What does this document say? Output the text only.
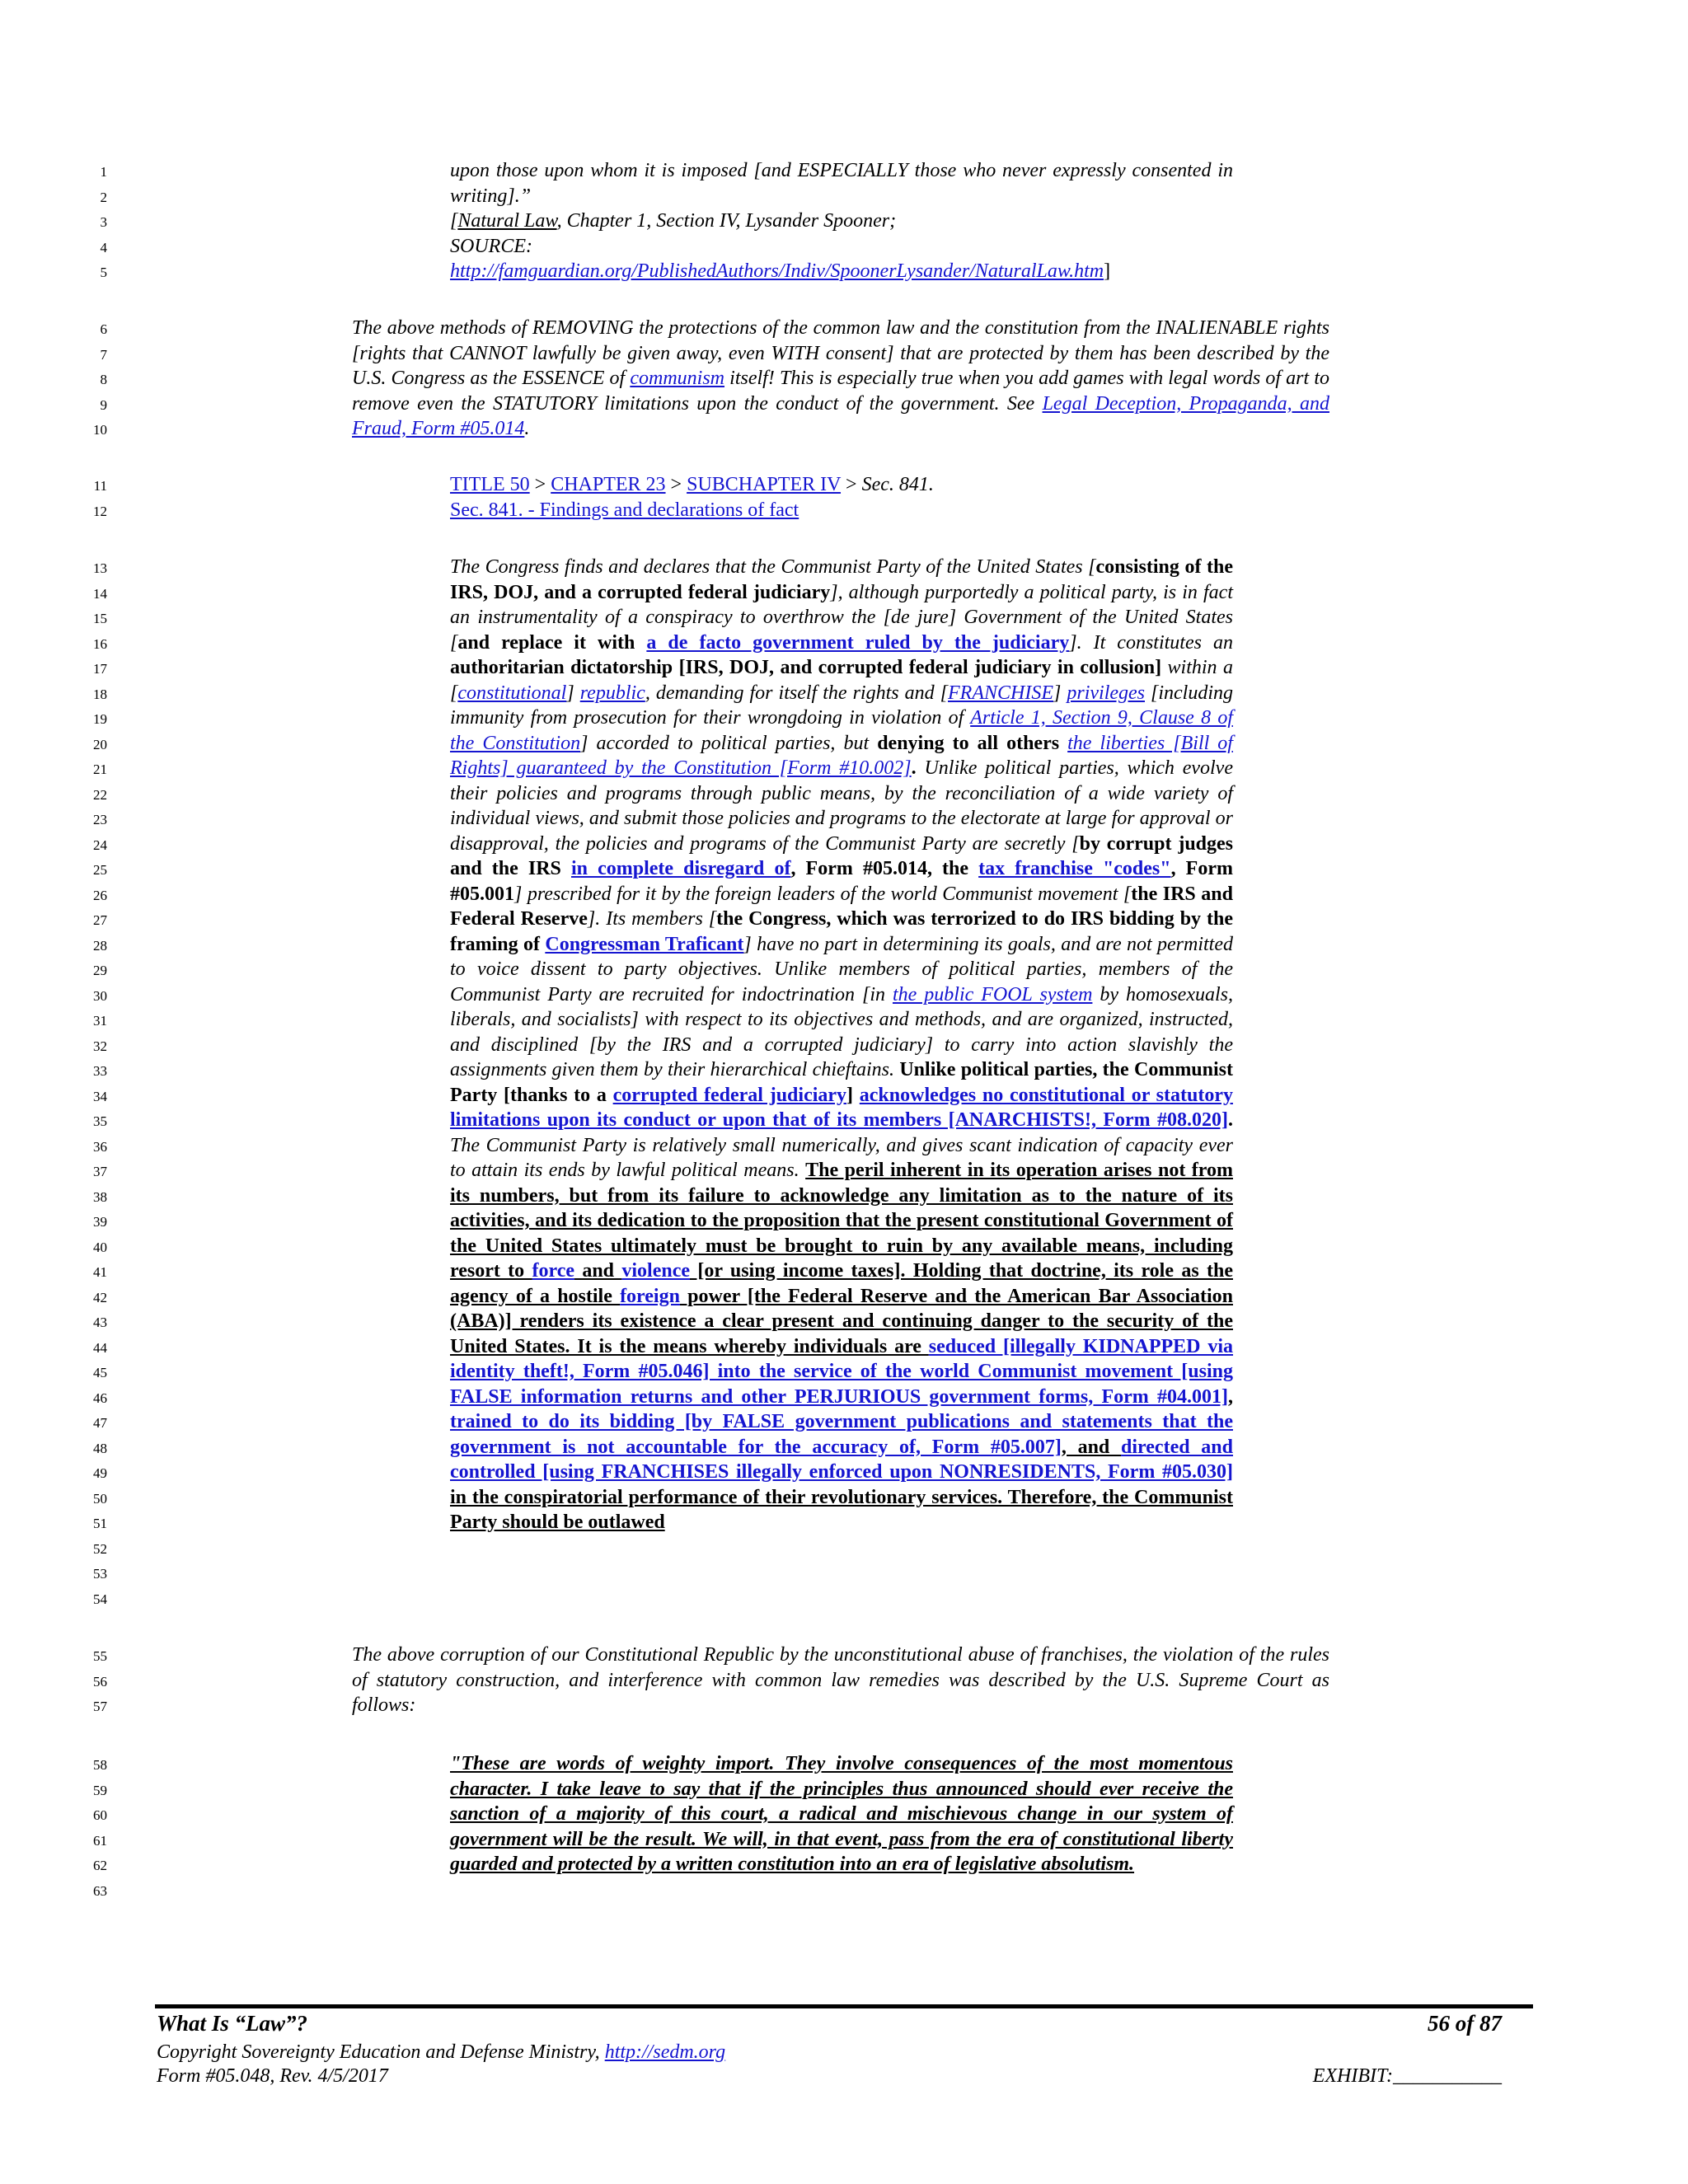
1
2
3
4
5
6
7
8
9
10
11
12
13
14
15
16
17
18
19
20
21
22
23
24
25
26
27
28
29
30
31
32
33
34
35
36
37
38
39
40
41
42
43
44
45
46
47
48
49
50
51
52
53
54
55
56
57
58
59
60
61
62
63
upon those upon whom it is imposed [and ESPECIALLY those who never expressly consented in writing].”
[Natural Law, Chapter 1, Section IV, Lysander Spooner;
SOURCE:
http://famguardian.org/PublishedAuthors/Indiv/SpoonerLysander/NaturalLaw.htm]
The above methods of REMOVING the protections of the common law and the constitution from the INALIENABLE rights [rights that CANNOT lawfully be given away, even WITH consent] that are protected by them has been described by the U.S. Congress as the ESSENCE of communism itself! This is especially true when you add games with legal words of art to remove even the STATUTORY limitations upon the conduct of the government. See Legal Deception, Propaganda, and Fraud, Form #05.014.
TITLE 50 > CHAPTER 23 > SUBCHAPTER IV > Sec. 841.
Sec. 841. - Findings and declarations of fact
The Congress finds and declares that the Communist Party of the United States [consisting of the IRS, DOJ, and a corrupted federal judiciary], although purportedly a political party, is in fact an instrumentality of a conspiracy to overthrow the [de jure] Government of the United States [and replace it with a de facto government ruled by the judiciary]. It constitutes an authoritarian dictatorship [IRS, DOJ, and corrupted federal judiciary in collusion] within a [constitutional] republic, demanding for itself the rights and [FRANCHISE] privileges [including immunity from prosecution for their wrongdoing in violation of Article 1, Section 9, Clause 8 of the Constitution] accorded to political parties, but denying to all others the liberties [Bill of Rights] guaranteed by the Constitution [Form #10.002]. Unlike political parties, which evolve their policies and programs through public means, by the reconciliation of a wide variety of individual views, and submit those policies and programs to the electorate at large for approval or disapproval, the policies and programs of the Communist Party are secretly [by corrupt judges and the IRS in complete disregard of, Form #05.014, the tax franchise "codes", Form #05.001] prescribed for it by the foreign leaders of the world Communist movement [the IRS and Federal Reserve]. Its members [the Congress, which was terrorized to do IRS bidding by the framing of Congressman Traficant] have no part in determining its goals, and are not permitted to voice dissent to party objectives. Unlike members of political parties, members of the Communist Party are recruited for indoctrination [in the public FOOL system by homosexuals, liberals, and socialists] with respect to its objectives and methods, and are organized, instructed, and disciplined [by the IRS and a corrupted judiciary] to carry into action slavishly the assignments given them by their hierarchical chieftains. Unlike political parties, the Communist Party [thanks to a corrupted federal judiciary] acknowledges no constitutional or statutory limitations upon its conduct or upon that of its members [ANARCHISTS!, Form #08.020]. The Communist Party is relatively small numerically, and gives scant indication of capacity ever to attain its ends by lawful political means. The peril inherent in its operation arises not from its numbers, but from its failure to acknowledge any limitation as to the nature of its activities, and its dedication to the proposition that the present constitutional Government of the United States ultimately must be brought to ruin by any available means, including resort to force and violence [or using income taxes]. Holding that doctrine, its role as the agency of a hostile foreign power [the Federal Reserve and the American Bar Association (ABA)] renders its existence a clear present and continuing danger to the security of the United States. It is the means whereby individuals are seduced [illegally KIDNAPPED via identity theft!, Form #05.046] into the service of the world Communist movement [using FALSE information returns and other PERJURIOUS government forms, Form #04.001], trained to do its bidding [by FALSE government publications and statements that the government is not accountable for the accuracy of, Form #05.007], and directed and controlled [using FRANCHISES illegally enforced upon NONRESIDENTS, Form #05.030] in the conspiratorial performance of their revolutionary services. Therefore, the Communist Party should be outlawed
The above corruption of our Constitutional Republic by the unconstitutional abuse of franchises, the violation of the rules of statutory construction, and interference with common law remedies was described by the U.S. Supreme Court as follows:
"These are words of weighty import. They involve consequences of the most momentous character. I take leave to say that if the principles thus announced should ever receive the sanction of a majority of this court, a radical and mischievous change in our system of government will be the result. We will, in that event, pass from the era of constitutional liberty guarded and protected by a written constitution into an era of legislative absolutism.
What Is “Law”?	56 of 87
Copyright Sovereignty Education and Defense Ministry, http://sedm.org
Form #05.048, Rev. 4/5/2017	EXHIBIT:___________
